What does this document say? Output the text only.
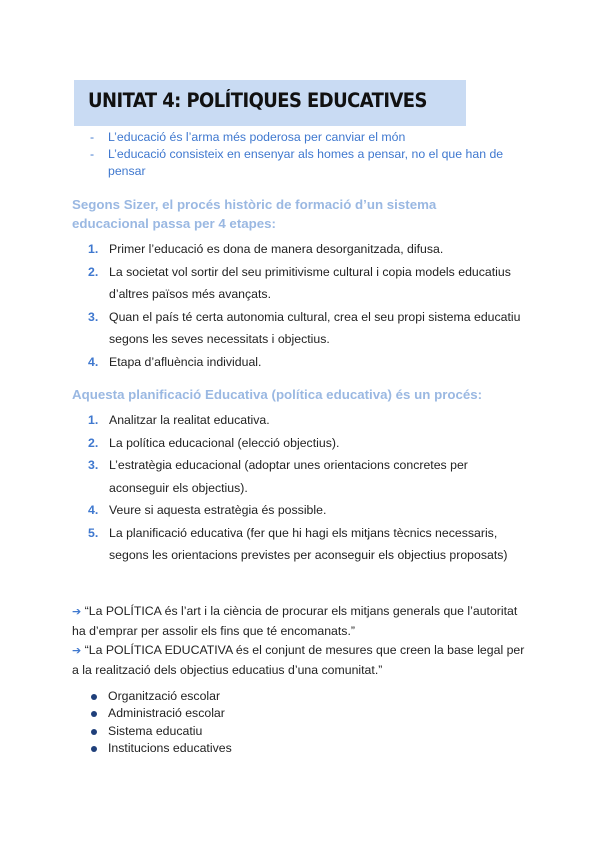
UNITAT 4: POLÍTIQUES EDUCATIVES
- L’educació és l’arma més poderosa per canviar el món
- L’educació consisteix en ensenyar als homes a pensar, no el que han de pensar
Segons Sizer, el procés històric de formació d’un sistema educacional passa per 4 etapes:
1. Primer l’educació es dona de manera desorganitzada, difusa.
2. La societat vol sortir del seu primitivisme cultural i copia models educatius d’altres països més avançats.
3. Quan el país té certa autonomia cultural, crea el seu propi sistema educatiu segons les seves necessitats i objectius.
4. Etapa d’afluència individual.
Aquesta planificació Educativa (política educativa) és un procés:
1. Analitzar la realitat educativa.
2. La política educacional (elecció objectius).
3. L’estratègia educacional (adoptar unes orientacions concretes per aconseguir els objectius).
4. Veure si aquesta estratègia és possible.
5. La planificació educativa (fer que hi hagi els mitjans tècnics necessaris, segons les orientacions previstes per aconseguir els objectius proposats)

➔ “La POLÍTICA és l’art i la ciència de procurar els mitjans generals que l’autoritat ha d’emprar per assolir els fins que té encomanats.”

➔ “La POLÍTICA EDUCATIVA és el conjunt de mesures que creen la base legal per a la realització dels objectius educatius d’una comunitat.”

Organització escolar
Administració escolar
Sistema educatiu
Institucions educatives
